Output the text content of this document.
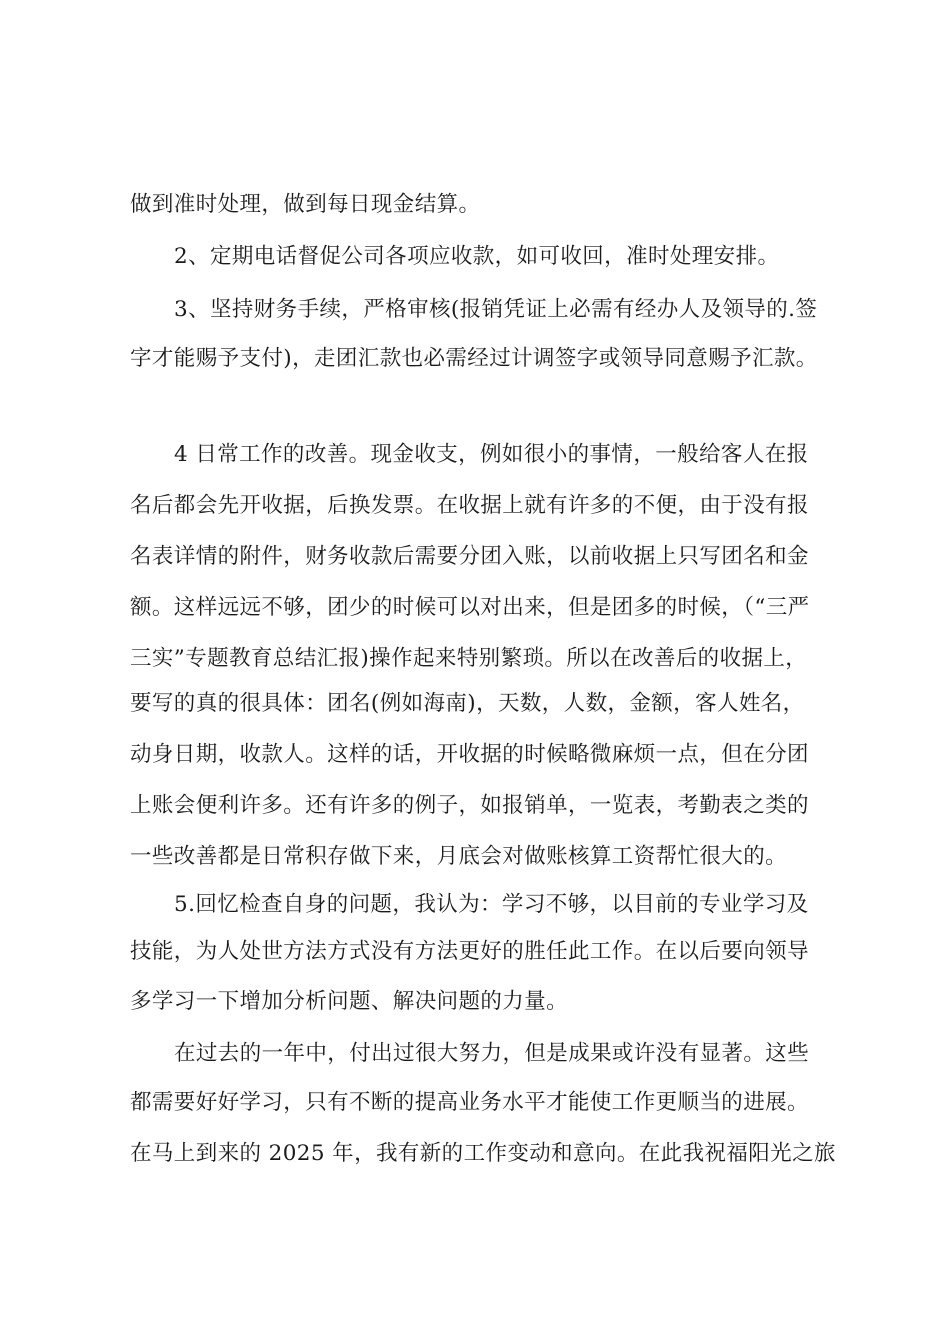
做到准时处理，做到每日现金结算。
2、定期电话督促公司各项应收款，如可收回，准时处理安排。
3、坚持财务手续，严格审核(报销凭证上必需有经办人及领导的.签
字才能赐予支付)，走团汇款也必需经过计调签字或领导同意赐予汇款。
4 日常工作的改善。现金收支，例如很小的事情，一般给客人在报
名后都会先开收据，后换发票。在收据上就有许多的不便，由于没有报
名表详情的附件，财务收款后需要分团入账，以前收据上只写团名和金
额。这样远远不够，团少的时候可以对出来，但是团多的时候，（“三严
三实”专题教育总结汇报)操作起来特别繁琐。所以在改善后的收据上，
要写的真的很具体：团名(例如海南)，天数，人数，金额，客人姓名，
动身日期，收款人。这样的话，开收据的时候略微麻烦一点，但在分团
上账会便利许多。还有许多的例子，如报销单，一览表，考勤表之类的
一些改善都是日常积存做下来，月底会对做账核算工资帮忙很大的。
5.回忆检查自身的问题，我认为：学习不够，以目前的专业学习及
技能，为人处世方法方式没有方法更好的胜任此工作。在以后要向领导
多学习一下增加分析问题、解决问题的力量。
在过去的一年中，付出过很大努力，但是成果或许没有显著。这些
都需要好好学习，只有不断的提高业务水平才能使工作更顺当的进展。
在马上到来的 2025 年，我有新的工作变动和意向。在此我祝福阳光之旅
